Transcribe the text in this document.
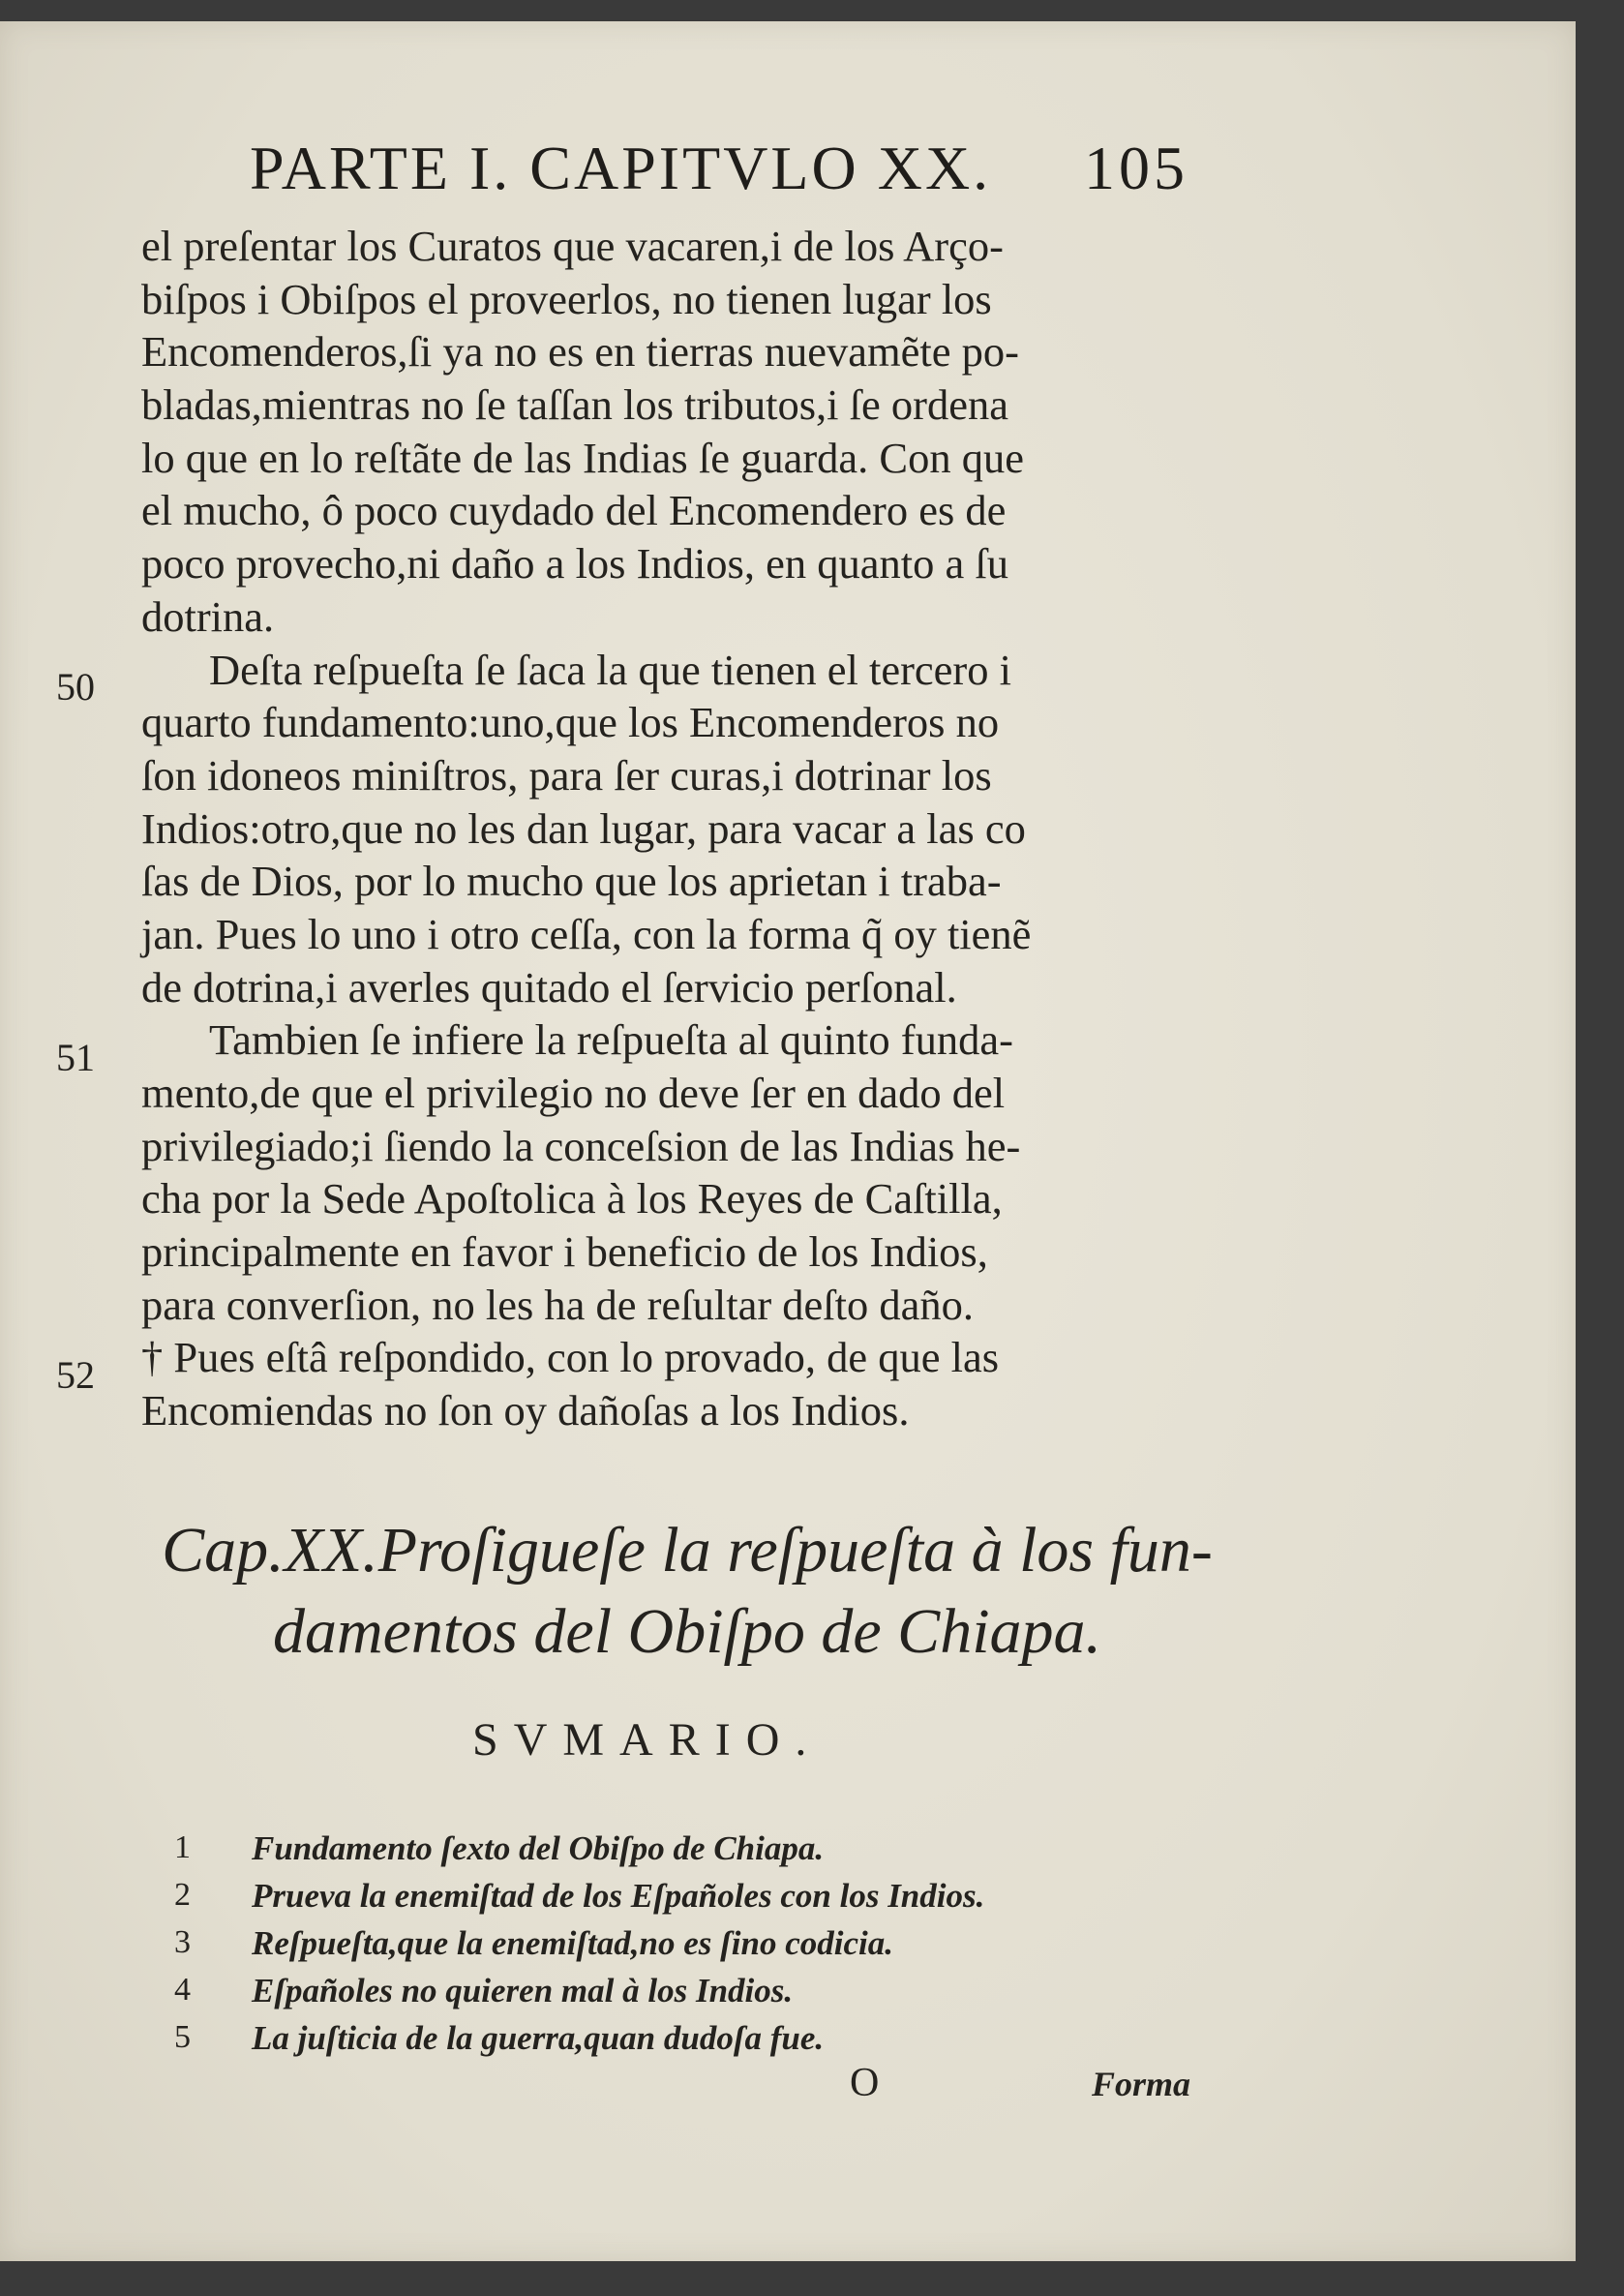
PARTE I. CAPITVLO XX. 105
50
51
52
el preſentar los Curatos que vacaren,i de los Arço-
biſpos i Obiſpos el proveerlos, no tienen lugar los
Encomenderos,ſi ya no es en tierras nuevamẽte po-
bladas,mientras no ſe taſſan los tributos,i ſe ordena
lo que en lo reſtãte de las Indias ſe guarda. Con que
el mucho, ô poco cuydado del Encomendero es de
poco provecho,ni daño a los Indios, en quanto a ſu
dotrina.
Deſta reſpueſta ſe ſaca la que tienen el tercero i
quarto fundamento:uno,que los Encomenderos no
ſon idoneos miniſtros, para ſer curas,i dotrinar los
Indios:otro,que no les dan lugar, para vacar a las co
ſas de Dios, por lo mucho que los aprietan i traba-
jan. Pues lo uno i otro ceſſa, con la forma q̃ oy tienẽ
de dotrina,i averles quitado el ſervicio perſonal.
Tambien ſe infiere la reſpueſta al quinto funda-
mento,de que el privilegio no deve ſer en dado del
privilegiado;i ſiendo la conceſsion de las Indias he-
cha por la Sede Apoſtolica à los Reyes de Caſtilla,
principalmente en favor i beneficio de los Indios,
para converſion, no les ha de reſultar deſto daño.
† Pues eſtâ reſpondido, con lo provado, de que las
Encomiendas no ſon oy dañoſas a los Indios.
Cap.XX.Proſigueſe la reſpueſta à los fun-
damentos del Obiſpo de Chiapa.
SVMARIO.
1	Fundamento ſexto del Obiſpo de Chiapa.
2	Prueva la enemiſtad de los Eſpañoles con los Indios.
3	Reſpueſta,que la enemiſtad,no es ſino codicia.
4	Eſpañoles no quieren mal à los Indios.
5	La juſticia de la guerra,quan dudoſa fue.
O	Forma
